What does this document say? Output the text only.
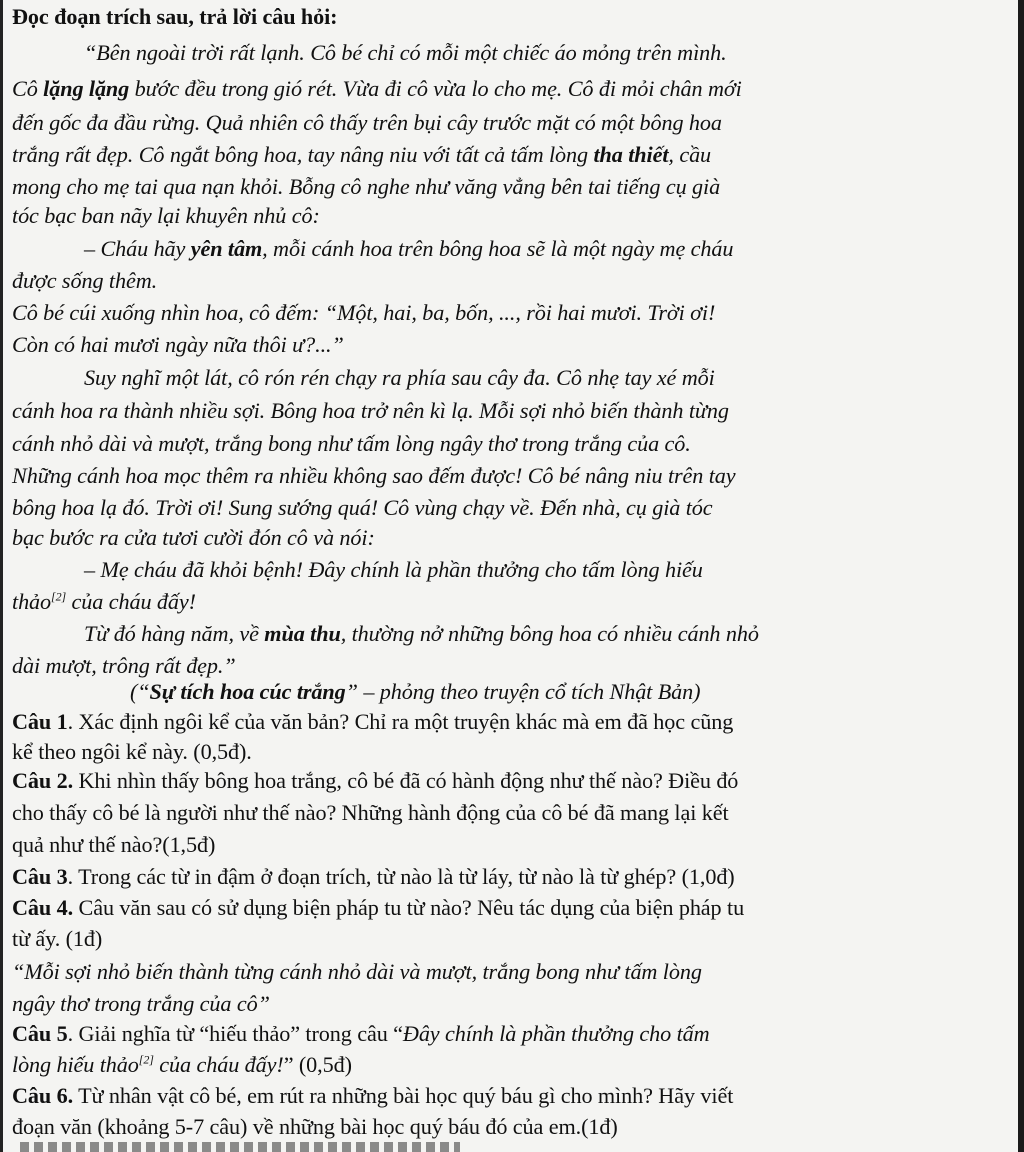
Đọc đoạn trích sau, trả lời câu hỏi:
“Bên ngoài trời rất lạnh. Cô bé chỉ có mỗi một chiếc áo mỏng trên mình.
Cô lặng lặng bước đều trong gió rét. Vừa đi cô vừa lo cho mẹ. Cô đi mỏi chân mới
đến gốc đa đầu rừng. Quả nhiên cô thấy trên bụi cây trước mặt có một bông hoa
trắng rất đẹp. Cô ngắt bông hoa, tay nâng niu với tất cả tấm lòng tha thiết, cầu
mong cho mẹ tai qua nạn khỏi. Bỗng cô nghe như văng vẳng bên tai tiếng cụ già
tóc bạc ban nãy lại khuyên nhủ cô:
– Cháu hãy yên tâm, mỗi cánh hoa trên bông hoa sẽ là một ngày mẹ cháu
được sống thêm.
Cô bé cúi xuống nhìn hoa, cô đếm: “Một, hai, ba, bốn, ..., rồi hai mươi. Trời ơi!
Còn có hai mươi ngày nữa thôi ư?...”
Suy nghĩ một lát, cô rón rén chạy ra phía sau cây đa. Cô nhẹ tay xé mỗi
cánh hoa ra thành nhiều sợi. Bông hoa trở nên kì lạ. Mỗi sợi nhỏ biến thành từng
cánh nhỏ dài và mượt, trắng bong như tấm lòng ngây thơ trong trắng của cô.
Những cánh hoa mọc thêm ra nhiều không sao đếm được! Cô bé nâng niu trên tay
bông hoa lạ đó. Trời ơi! Sung sướng quá! Cô vùng chạy về. Đến nhà, cụ già tóc
bạc bước ra cửa tươi cười đón cô và nói:
– Mẹ cháu đã khỏi bệnh! Đây chính là phần thưởng cho tấm lòng hiếu
thảo[2] của cháu đấy!
Từ đó hàng năm, về mùa thu, thường nở những bông hoa có nhiều cánh nhỏ
dài mượt, trông rất đẹp.”
(“Sự tích hoa cúc trắng” – phỏng theo truyện cổ tích Nhật Bản)
Câu 1. Xác định ngôi kể của văn bản? Chỉ ra một truyện khác mà em đã học cũng
kể theo ngôi kể này. (0,5đ).
Câu 2. Khi nhìn thấy bông hoa trắng, cô bé đã có hành động như thế nào? Điều đó
cho thấy cô bé là người như thế nào? Những hành động của cô bé đã mang lại kết
quả như thế nào?(1,5đ)
Câu 3. Trong các từ in đậm ở đoạn trích, từ nào là từ láy, từ nào là từ ghép? (1,0đ)
Câu 4. Câu văn sau có sử dụng biện pháp tu từ nào? Nêu tác dụng của biện pháp tu
từ ấy. (1đ)
“Mỗi sợi nhỏ biến thành từng cánh nhỏ dài và mượt, trắng bong như tấm lòng
ngây thơ trong trắng của cô”
Câu 5. Giải nghĩa từ “hiếu thảo” trong câu “Đây chính là phần thưởng cho tấm
lòng hiếu thảo[2] của cháu đấy!” (0,5đ)
Câu 6. Từ nhân vật cô bé, em rút ra những bài học quý báu gì cho mình? Hãy viết
đoạn văn (khoảng 5-7 câu) về những bài học quý báu đó của em.(1đ)
